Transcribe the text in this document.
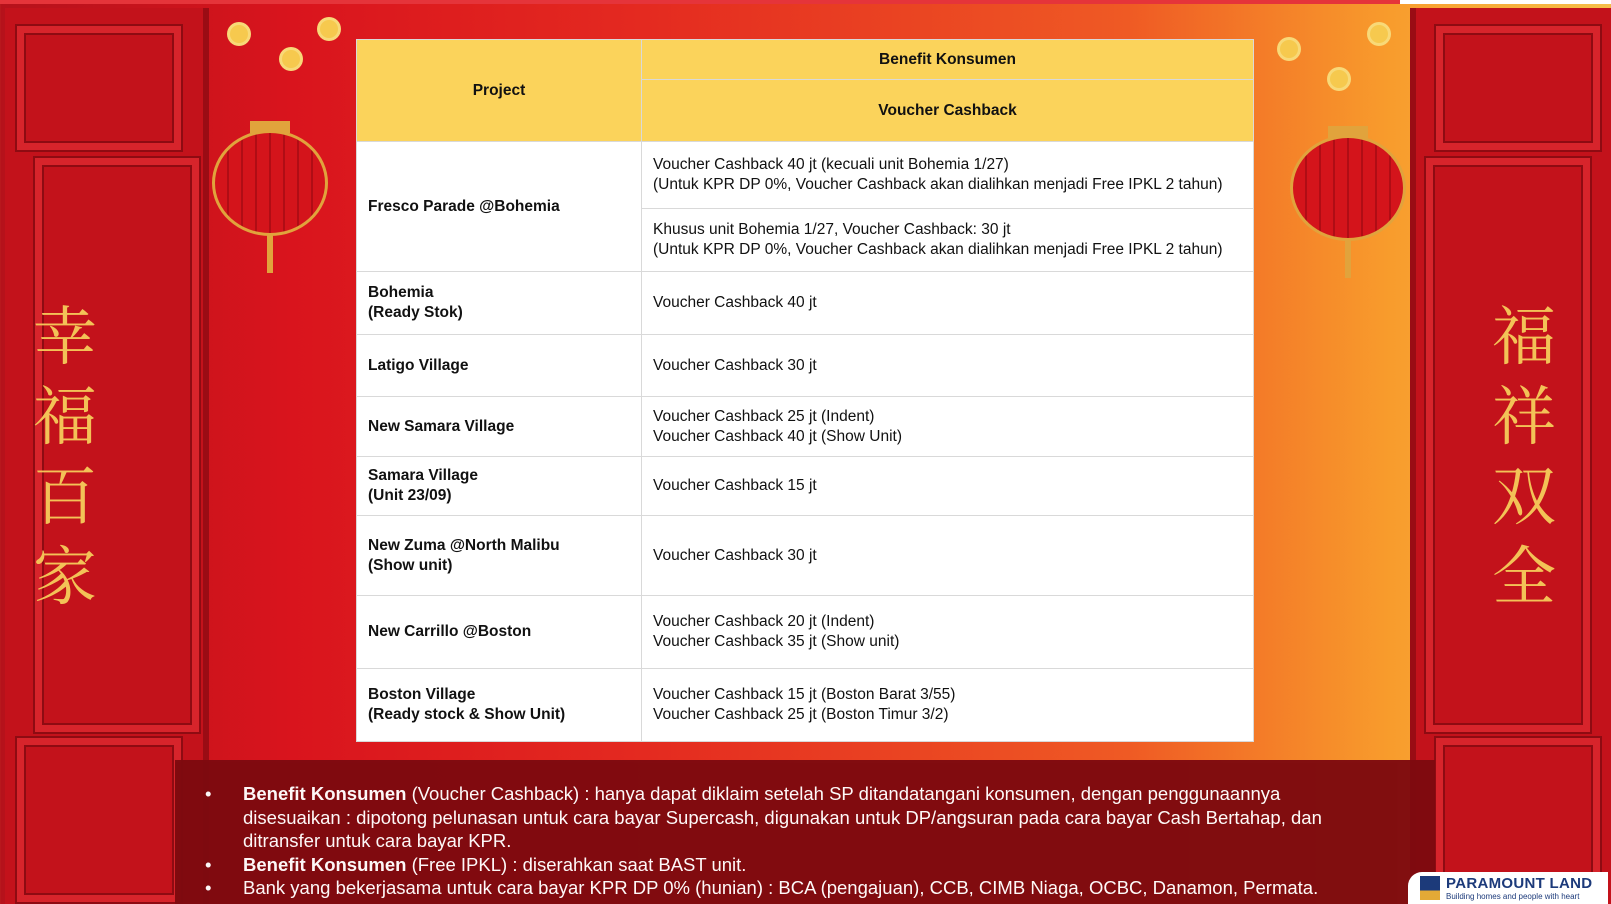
幸
福
百
家
福
祥
双
全
Project	Benefit Konsumen
	Voucher Cashback

Fresco Parade @Bohemia	Voucher Cashback 40 jt (kecuali unit Bohemia 1/27)
(Untuk KPR DP 0%, Voucher Cashback akan dialihkan menjadi Free IPKL 2 tahun)

	Khusus unit Bohemia 1/27, Voucher Cashback: 30 jt
(Untuk KPR DP 0%, Voucher Cashback akan dialihkan menjadi Free IPKL 2 tahun)

Bohemia
(Ready Stok)	Voucher Cashback 40 jt

Latigo Village	Voucher Cashback 30 jt

New Samara Village	Voucher Cashback 25 jt (Indent)
Voucher Cashback 40 jt (Show Unit)

Samara Village
(Unit 23/09)	Voucher Cashback 15 jt

New Zuma @North Malibu
(Show unit)	Voucher Cashback 30 jt

New Carrillo @Boston	Voucher Cashback 20 jt (Indent)
Voucher Cashback 35 jt (Show unit)

Boston Village
(Ready stock & Show Unit)	Voucher Cashback 15 jt (Boston Barat 3/55)
Voucher Cashback 25 jt (Boston Timur 3/2)
• Benefit Konsumen (Voucher Cashback) : hanya dapat diklaim setelah SP ditandatangani konsumen, dengan penggunaannya disesuaikan : dipotong pelunasan untuk cara bayar Supercash, digunakan untuk DP/angsuran pada cara bayar Cash Bertahap, dan ditransfer untuk cara bayar KPR.
• Benefit Konsumen (Free IPKL) : diserahkan saat BAST unit.
• Bank yang bekerjasama untuk cara bayar KPR DP 0% (hunian) : BCA (pengajuan), CCB, CIMB Niaga, OCBC, Danamon, Permata.	PARAMOUNT LAND
Building homes and people with heart
